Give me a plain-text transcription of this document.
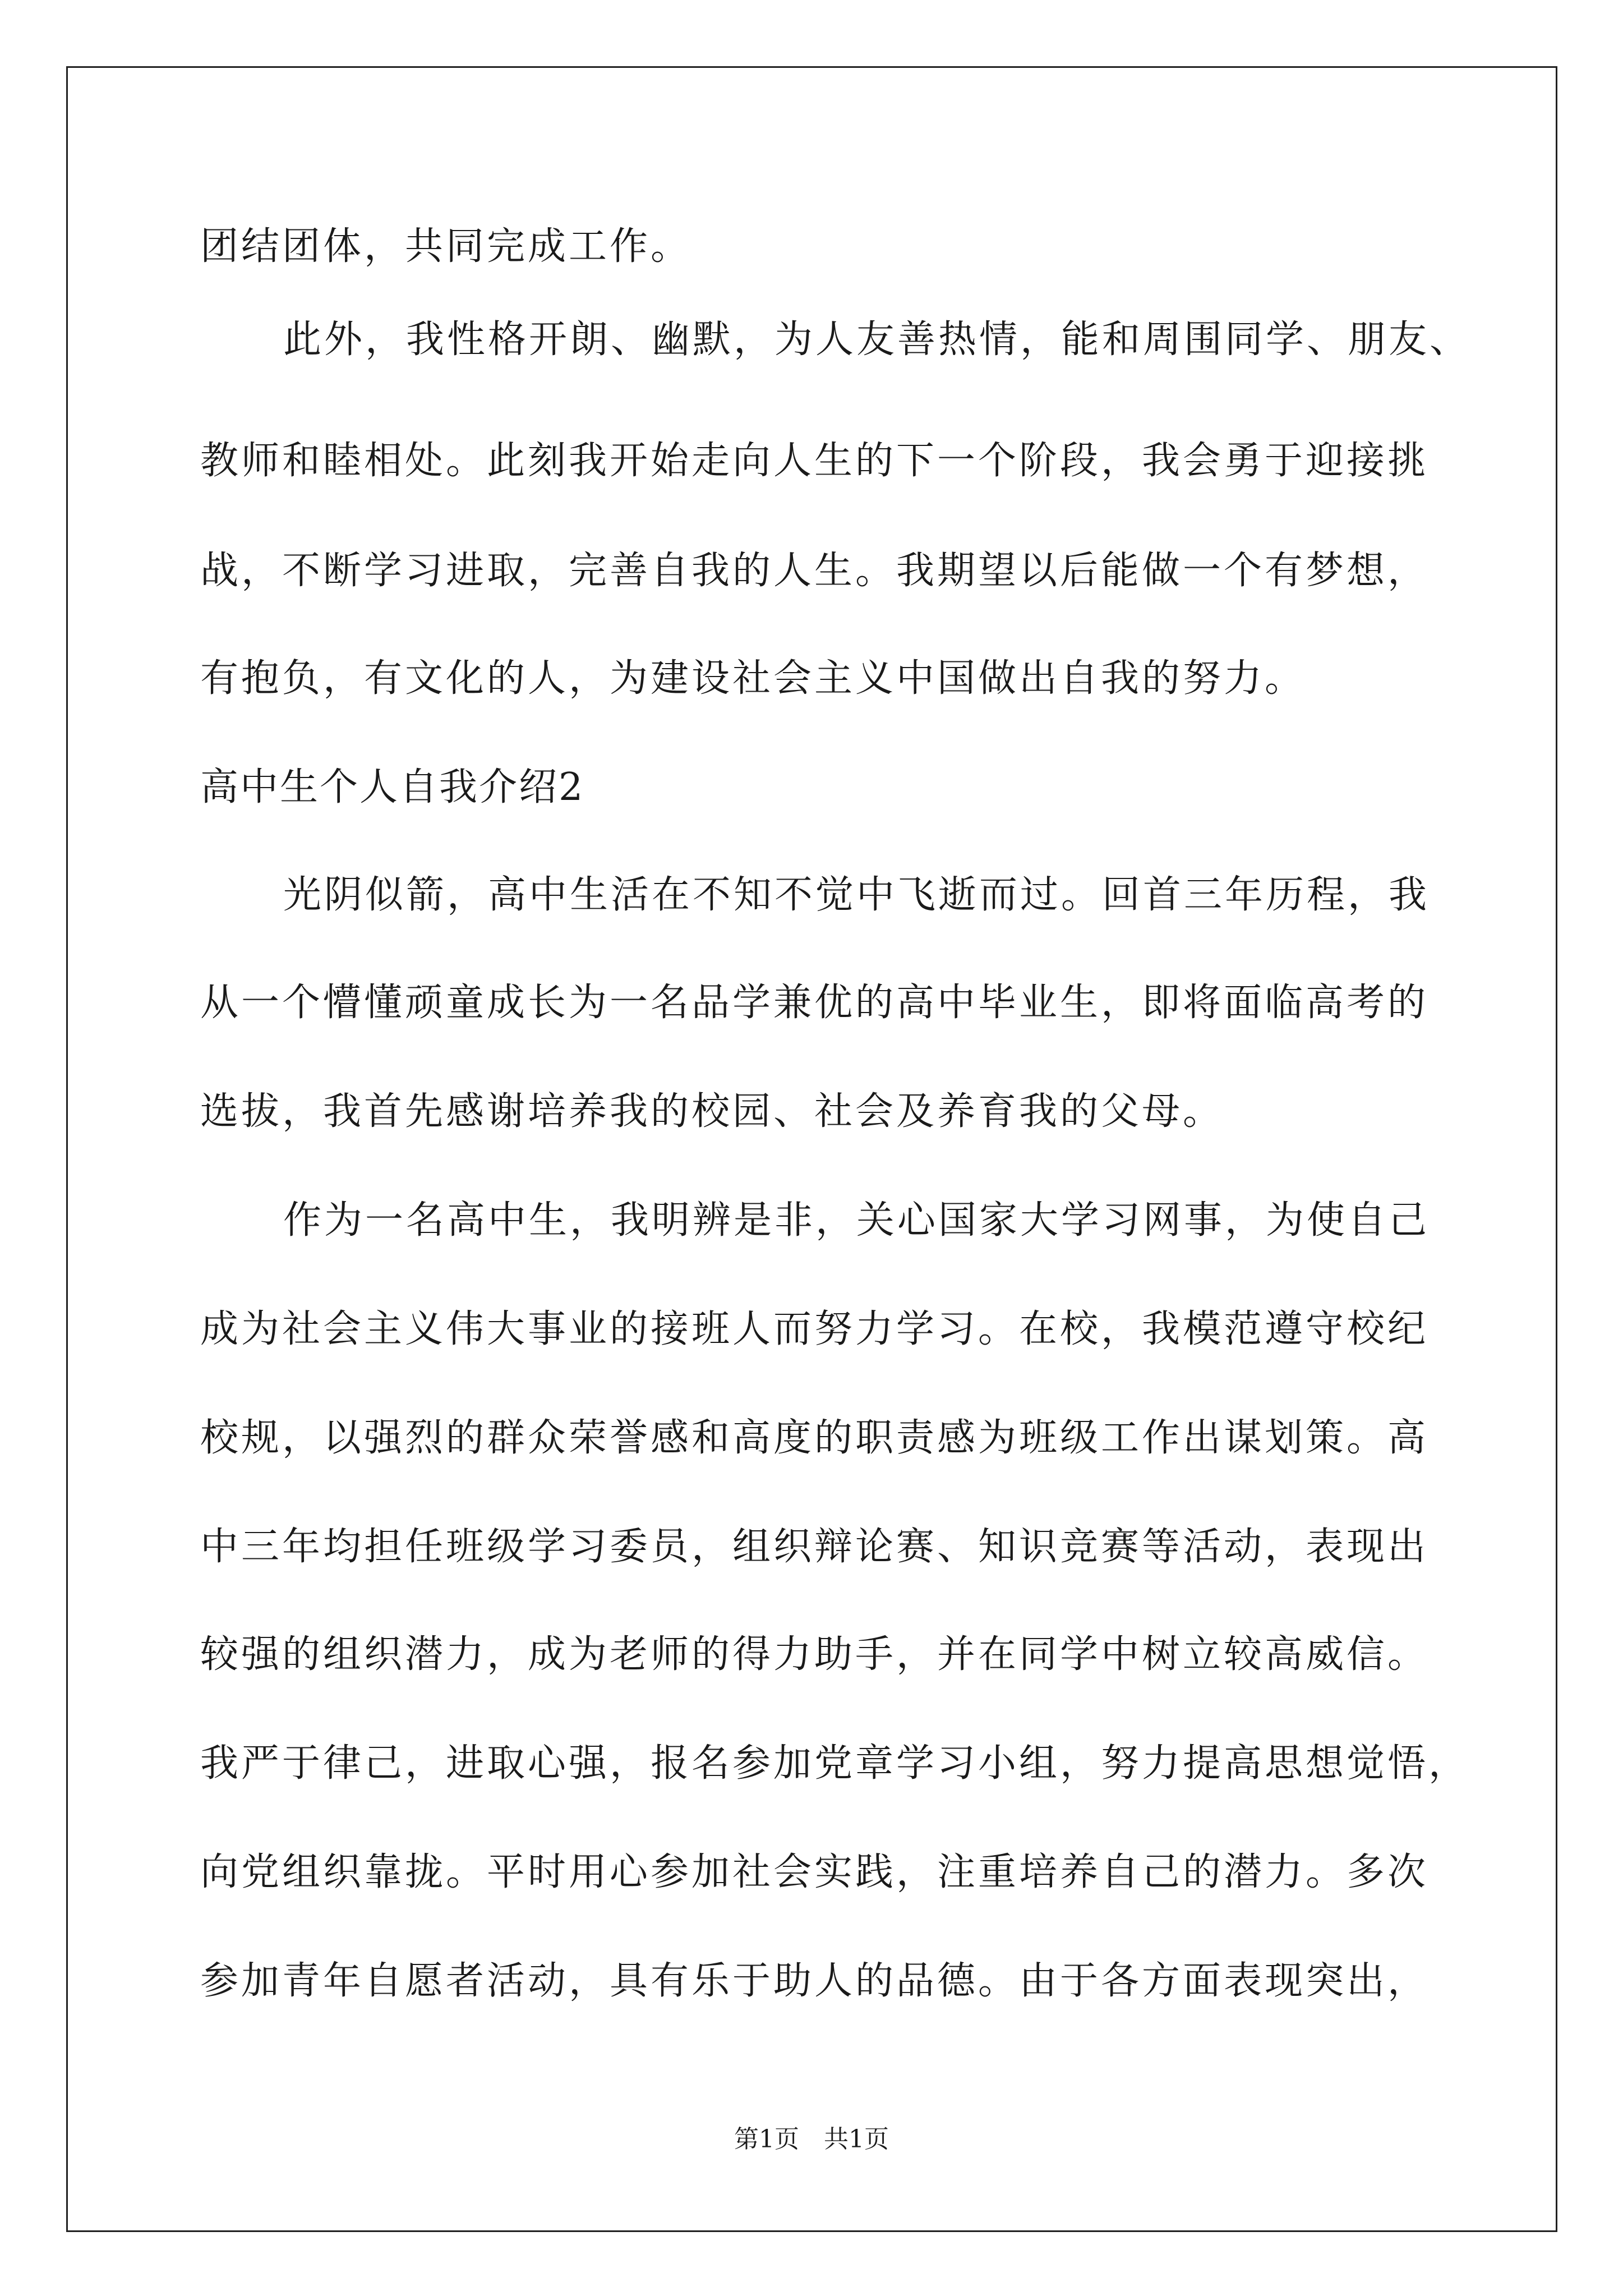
团结团体，共同完成工作。

此外，我性格开朗、幽默，为人友善热情，能和周围同学、朋友、

教师和睦相处。此刻我开始走向人生的下一个阶段，我会勇于迎接挑

战，不断学习进取，完善自我的人生。我期望以后能做一个有梦想，

有抱负，有文化的人，为建设社会主义中国做出自我的努力。

高中生个人自我介绍2

光阴似箭，高中生活在不知不觉中飞逝而过。回首三年历程，我

从一个懵懂顽童成长为一名品学兼优的高中毕业生，即将面临高考的

选拔，我首先感谢培养我的校园、社会及养育我的父母。

作为一名高中生，我明辨是非，关心国家大学习网事，为使自己

成为社会主义伟大事业的接班人而努力学习。在校，我模范遵守校纪

校规，以强烈的群众荣誉感和高度的职责感为班级工作出谋划策。高

中三年均担任班级学习委员，组织辩论赛、知识竞赛等活动，表现出

较强的组织潜力，成为老师的得力助手，并在同学中树立较高威信。

我严于律己，进取心强，报名参加党章学习小组，努力提高思想觉悟，

向党组织靠拢。平时用心参加社会实践，注重培养自己的潜力。多次

参加青年自愿者活动，具有乐于助人的品德。由于各方面表现突出，

第1页　共1页
